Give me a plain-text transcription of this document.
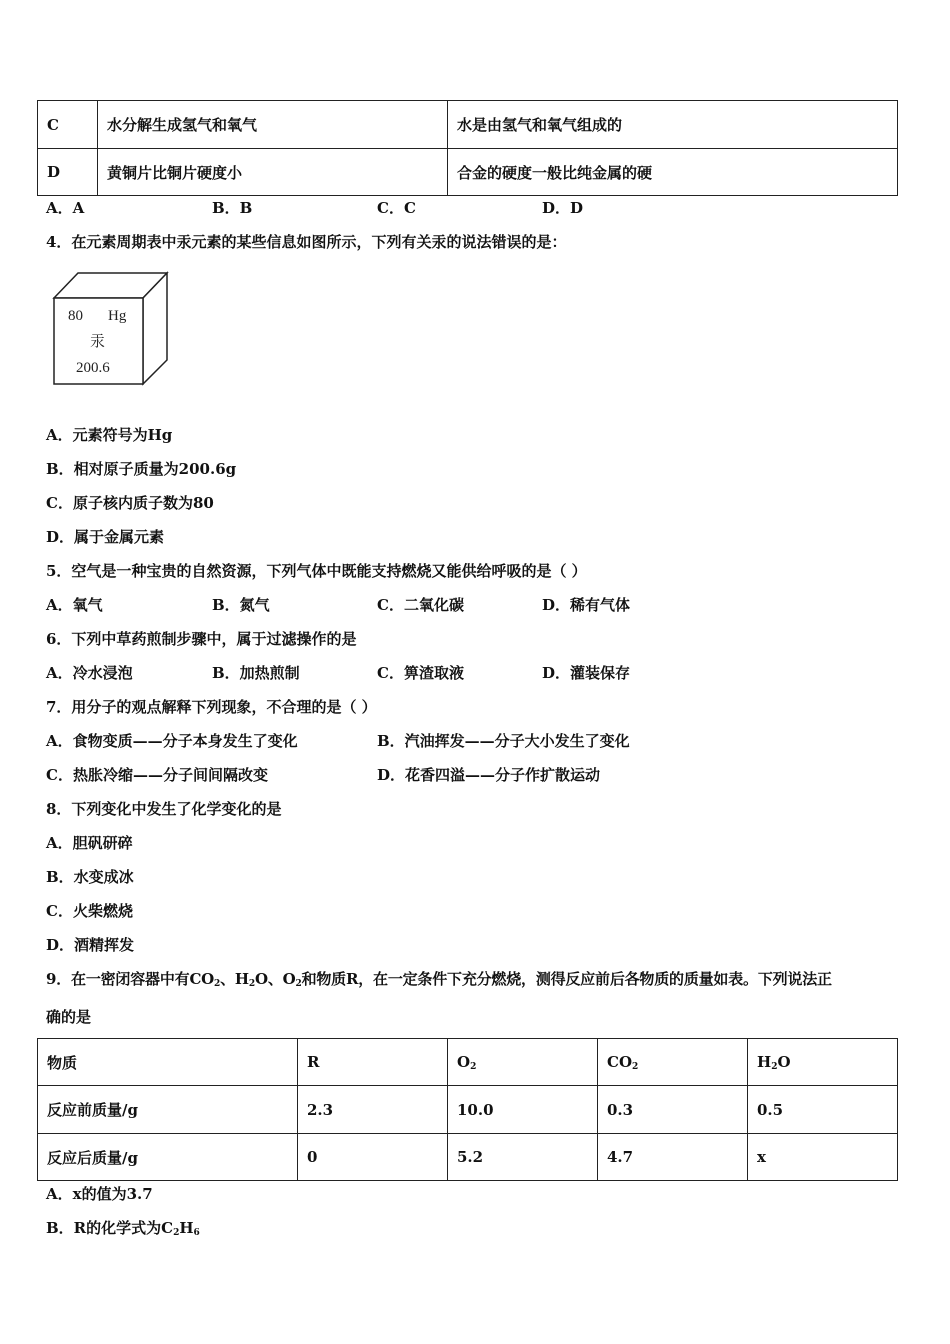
C	水分解生成氢气和氧气	水是由氢气和氧气组成的
D	黄铜片比铜片硬度小	合金的硬度一般比纯金属的硬
A．A	B．B	C．C	D．D
4．在元素周期表中汞元素的某些信息如图所示，下列有关汞的说法错误的是：
80 Hg
汞
200.6
A．元素符号为Hg
B．相对原子质量为200.6g
C．原子核内质子数为80
D．属于金属元素
5．空气是一种宝贵的自然资源，下列气体中既能支持燃烧又能供给呼吸的是（ ）
A．氧气	B．氮气	C．二氧化碳	D．稀有气体
6．下列中草药煎制步骤中，属于过滤操作的是
A．冷水浸泡	B．加热煎制	C．箅渣取液	D．灌装保存
7．用分子的观点解释下列现象，不合理的是（ ）
A．食物变质——分子本身发生了变化	B．汽油挥发——分子大小发生了变化
C．热胀冷缩——分子间间隔改变	D．花香四溢——分子作扩散运动
8．下列变化中发生了化学变化的是
A．胆矾研碎
B．水变成冰
C．火柴燃烧
D．酒精挥发
9．在一密闭容器中有$CO_2$、$H_2O$、$O_2$和物质R，在一定条件下充分燃烧，测得反应前后各物质的质量如表。下列说法正
确的是
物质	R	$O_2$	$CO_2$	$H_2O$
反应前质量/g	2.3	10.0	0.3	0.5
反应后质量/g	0	5.2	4.7	x
A．x的值为3.7
B．R的化学式为$C_2H_6$
